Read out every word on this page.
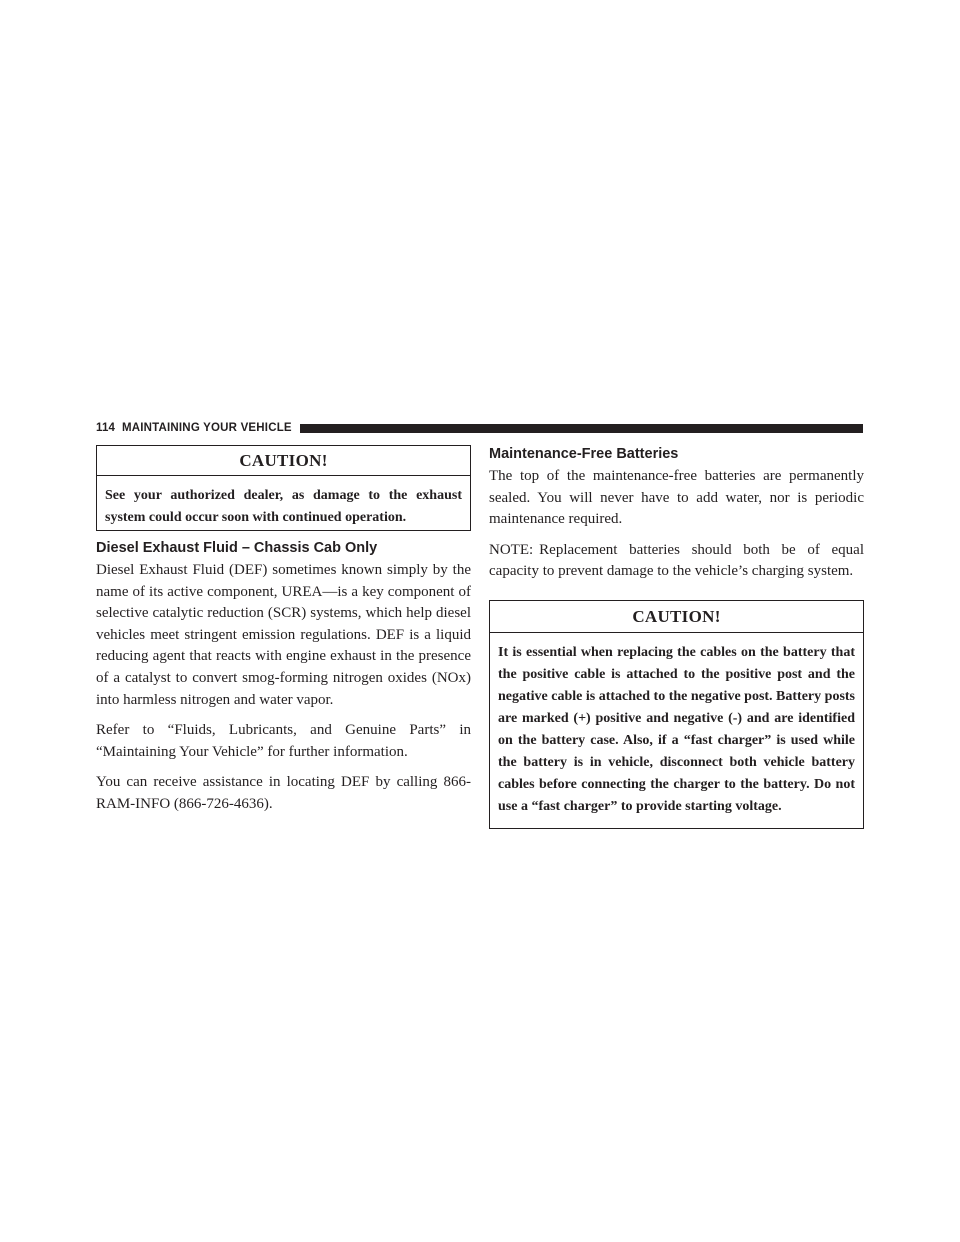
114 MAINTAINING YOUR VEHICLE
CAUTION!
See your authorized dealer, as damage to the exhaust system could occur soon with continued operation.
Diesel Exhaust Fluid – Chassis Cab Only

Diesel Exhaust Fluid (DEF) sometimes known simply by the name of its active component, UREA—is a key component of selective catalytic reduction (SCR) systems, which help diesel vehicles meet stringent emission regulations. DEF is a liquid reducing agent that reacts with engine exhaust in the presence of a catalyst to convert smog-forming nitrogen oxides (NOx) into harmless nitrogen and water vapor.

Refer to “Fluids, Lubricants, and Genuine Parts” in “Maintaining Your Vehicle” for further information.

You can receive assistance in locating DEF by calling 866-RAM-INFO (866-726-4636).

Maintenance-Free Batteries

The top of the maintenance-free batteries are permanently sealed. You will never have to add water, nor is periodic maintenance required.

NOTE: Replacement batteries should both be of equal capacity to prevent damage to the vehicle’s charging system.

CAUTION!
It is essential when replacing the cables on the battery that the positive cable is attached to the positive post and the negative cable is attached to the negative post. Battery posts are marked (+) positive and negative (-) and are identified on the battery case. Also, if a “fast charger” is used while the battery is in vehicle, disconnect both vehicle battery cables before connecting the charger to the battery. Do not use a “fast charger” to provide starting voltage.
